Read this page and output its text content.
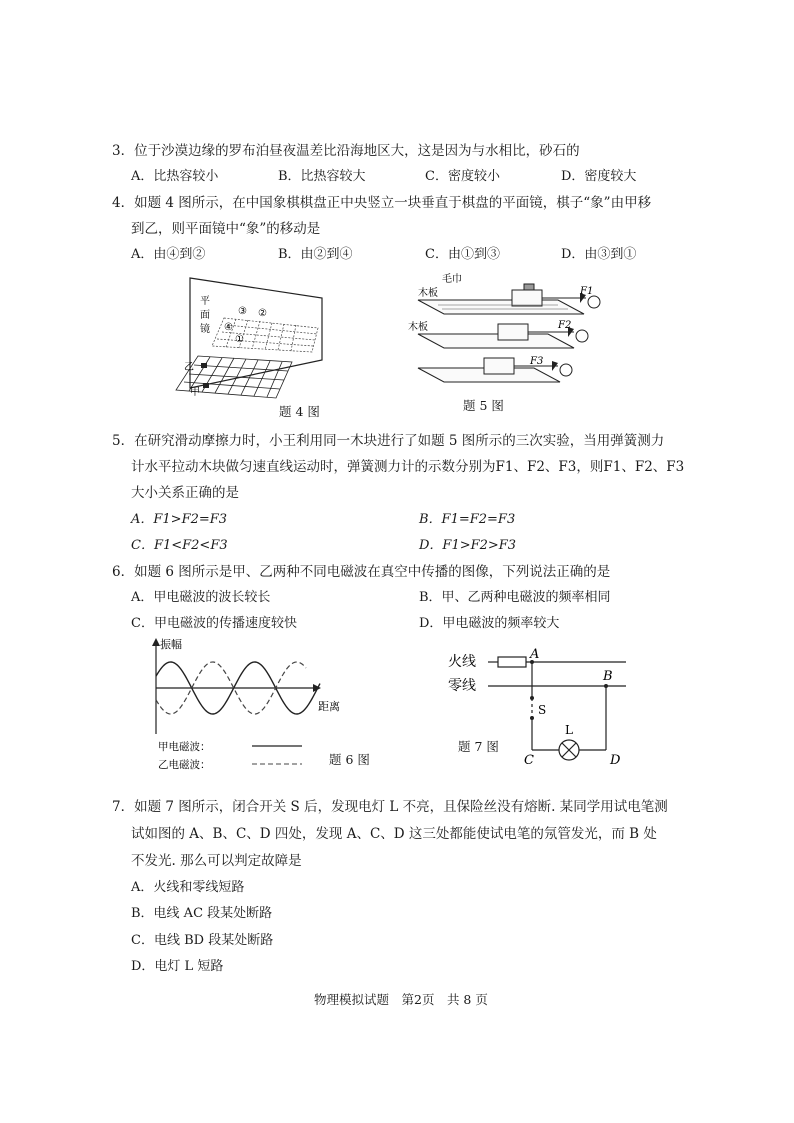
3．位于沙漠边缘的罗布泊昼夜温差比沿海地区大，这是因为与水相比，砂石的
A．比热容较小	B．比热容较大	C．密度较小	D．密度较大
4．如题 4 图所示，在中国象棋棋盘正中央竖立一块垂直于棋盘的平面镜，棋子“象”由甲移
到乙，则平面镜中“象”的移动是
A．由④到②	B．由②到④	C．由①到③	D．由③到①
平
面
镜
③ ②
④
①
乙
甲
题 4 图
毛巾
木板
木板
F1
F2
F3
题 5 图
5．在研究滑动摩擦力时，小王利用同一木块进行了如题 5 图所示的三次实验，当用弹簧测力
计水平拉动木块做匀速直线运动时，弹簧测力计的示数分别为F1、F2、F3，则F1、F2、F3
大小关系正确的是
A．F1>F2=F3	B．F1=F2=F3
C．F1<F2<F3	D．F1>F2>F3
6．如题 6 图所示是甲、乙两种不同电磁波在真空中传播的图像，下列说法正确的是
A．甲电磁波的波长较长	B．甲、乙两种电磁波的频率相同
C．甲电磁波的传播速度较快	D．甲电磁波的频率较大
振幅
距离
甲电磁波：
乙电磁波：	题 6 图
火线
零线
A
B
S
L
C	D
题 7 图
7．如题 7 图所示，闭合开关 S 后，发现电灯 L 不亮，且保险丝没有熔断. 某同学用试电笔测
试如图的 A、B、C、D 四处，发现 A、C、D 这三处都能使试电笔的氖管发光，而 B 处
不发光. 那么可以判定故障是
A．火线和零线短路
B．电线 AC 段某处断路
C．电线 BD 段某处断路
D．电灯 L 短路
物理模拟试题　第2页　共 8 页
